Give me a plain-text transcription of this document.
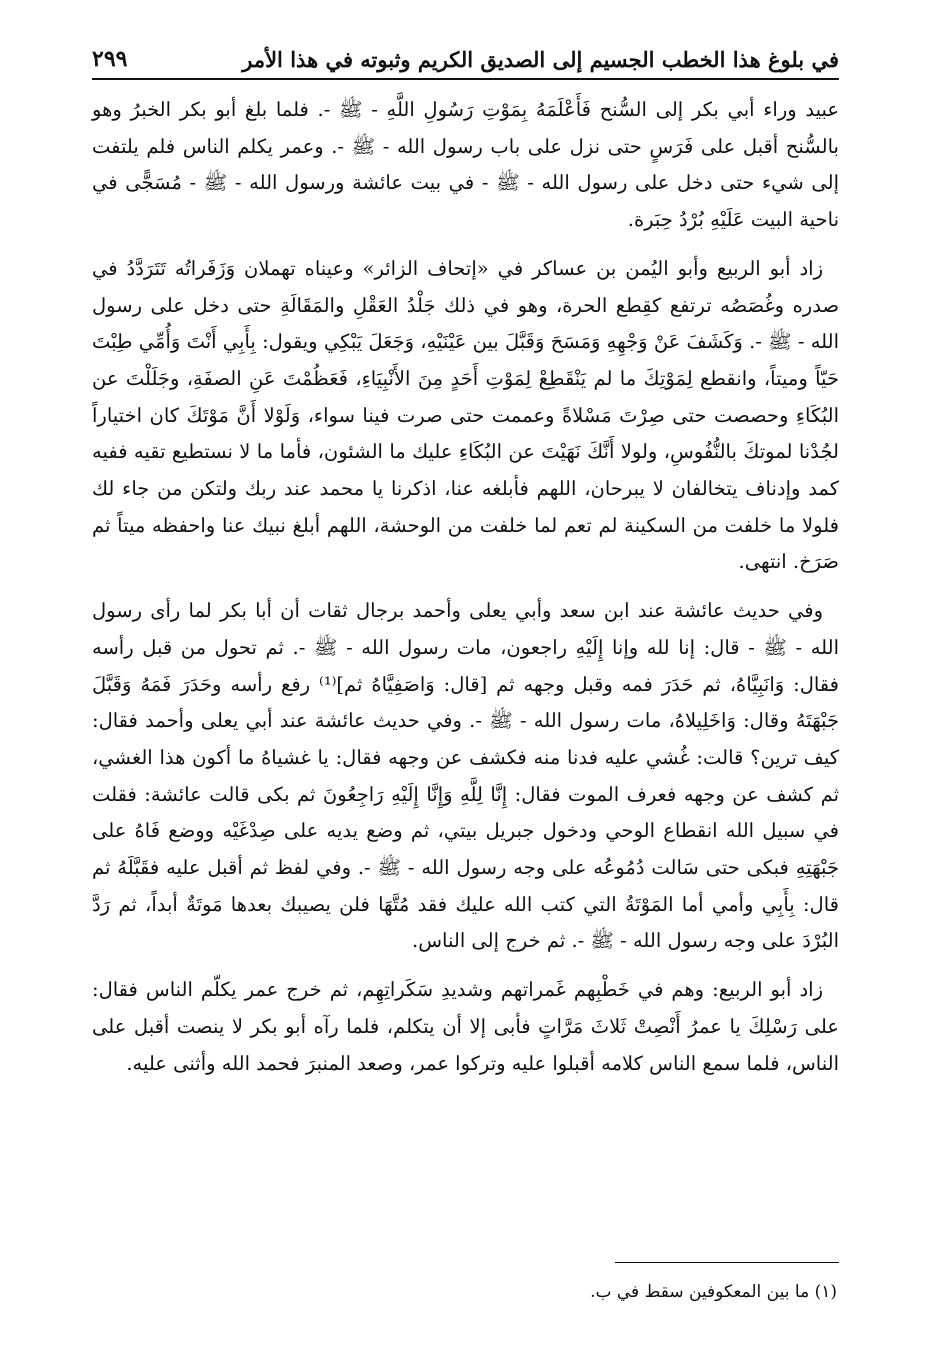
في بلوغ هذا الخطب الجسيم إلى الصديق الكريم وثبوته في هذا الأمر
٢٩٩

عبيد وراء أبي بكر إلى السُّنح فَأَعْلَمَهُ بِمَوْتِ رَسُولِ اللَّهِ - ﷺ -. فلما بلغ أبو بكر الخبرُ وهو بالسُّنح أقبل على فَرَسٍ حتى نزل على باب رسول الله - ﷺ -. وعمر يكلم الناس فلم يلتفت إلى شيء حتى دخل على رسول الله - ﷺ - في بيت عائشة ورسول الله - ﷺ - مُسَجًّى في ناحية البيت عَلَيْهِ بُرْدُ حِبَرة.

زاد أبو الربيع وأبو اليُمن بن عساكر في «إتحاف الزائر» وعيناه تهملان وَزَفَراتُه تَتَرَدَّدُ في صدره وغُصَصُه ترتفع كقِطع الحرة، وهو في ذلك جَلْدُ العَقْلِ والمَقَالَةِ حتى دخل على رسول الله - ﷺ -. وَكَشَفَ عَنْ وَجْهِهِ وَمَسَحَ وَقَبَّلَ بين عَيْنَيْهِ، وَجَعَلَ يَبْكِي ويقول: بِأَبِي أَنْتَ وَأُمِّي طِبْتَ حَيّاً وميتاً، وانقطع لِمَوْتِكَ ما لم يَنْقَطِعْ لِمَوْتِ أَحَدٍ مِنَ الأَنْبِيَاءِ، فَعَظُمْتَ عَنِ الصفَةِ، وجَلَلْتَ عن البُكَاءِ وحصصت حتى صِرْتَ مَسْلاةً وعممت حتى صرت فينا سواء، وَلَوْلا أَنَّ مَوْتَكَ كان اختياراً لجُدْنا لموتكَ بالنُّفُوسِ، ولولا أَنَّكَ نَهَيْتَ عن البُكَاءِ عليك ما الشئون، فأما ما لا نستطيع تقيه ففيه كمد وإدناف يتخالفان لا يبرحان، اللهم فأبلغه عنا، اذكرنا يا محمد عند ربك ولتكن من جاء لك فلولا ما خلفت من السكينة لم تعم لما خلفت من الوحشة، اللهم أبلغ نبيك عنا واحفظه ميتاً ثم صَرَخ. انتهى.

وفي حديث عائشة عند ابن سعد وأبي يعلى وأحمد برجال ثقات أن أبا بكر لما رأى رسول الله - ﷺ - قال: إنا لله وإنا إِلَيْهِ راجعون، مات رسول الله - ﷺ -. ثم تحول من قبل رأسه فقال: وَانَبِيَّاهُ، ثم حَدَرَ فمه وقبل وجهه ثم [قال: وَاصَفِيَّاهُ ثم]⁽¹⁾ رفع رأسه وحَدَرَ فَمَهُ وَقَبَّلَ جَبْهَتَهُ وقال: وَاخَلِيلاهُ، مات رسول الله - ﷺ -. وفي حديث عائشة عند أبي يعلى وأحمد فقال: كيف ترين؟ قالت: غُشي عليه فدنا منه فكشف عن وجهه فقال: يا غشياهُ ما أكون هذا الغشي، ثم كشف عن وجهه فعرف الموت فقال: إِنَّا لِلَّهِ وَإِنَّا إِلَيْهِ رَاجِعُونَ ثم بكى قالت عائشة: فقلت في سبيل الله انقطاع الوحي ودخول جبريل بيتي، ثم وضع يديه على صِدْغَيْه ووضع فَاهُ على جَبْهَتِهِ فبكى حتى سَالت دُمُوعُه على وجه رسول الله - ﷺ -. وفي لفظ ثم أقبل عليه فقَبَّلَهُ ثم قال: بِأَبِي وأمي أما المَوْتَةُ التي كتب الله عليك فقد مُتَّهَا فلن يصيبك بعدها مَوتَةٌ أبداً، ثم رَدَّ البُرْدَ على وجه رسول الله - ﷺ -. ثم خرج إلى الناس.

زاد أبو الربيع: وهم في خَطْبِهم غَمراتهم وشديدِ سَكَراتِهِم، ثم خرج عمر يكلّم الناس فقال: على رَسْلِكَ يا عمرُ أَنْصِتْ ثَلاثَ مَرَّاتٍ فأبى إلا أن يتكلم، فلما رآه أبو بكر لا ينصت أقبل على الناس، فلما سمع الناس كلامه أقبلوا عليه وتركوا عمر، وصعد المنبرَ فحمد الله وأثنى عليه.

(١) ما بين المعكوفين سقط في ب.
